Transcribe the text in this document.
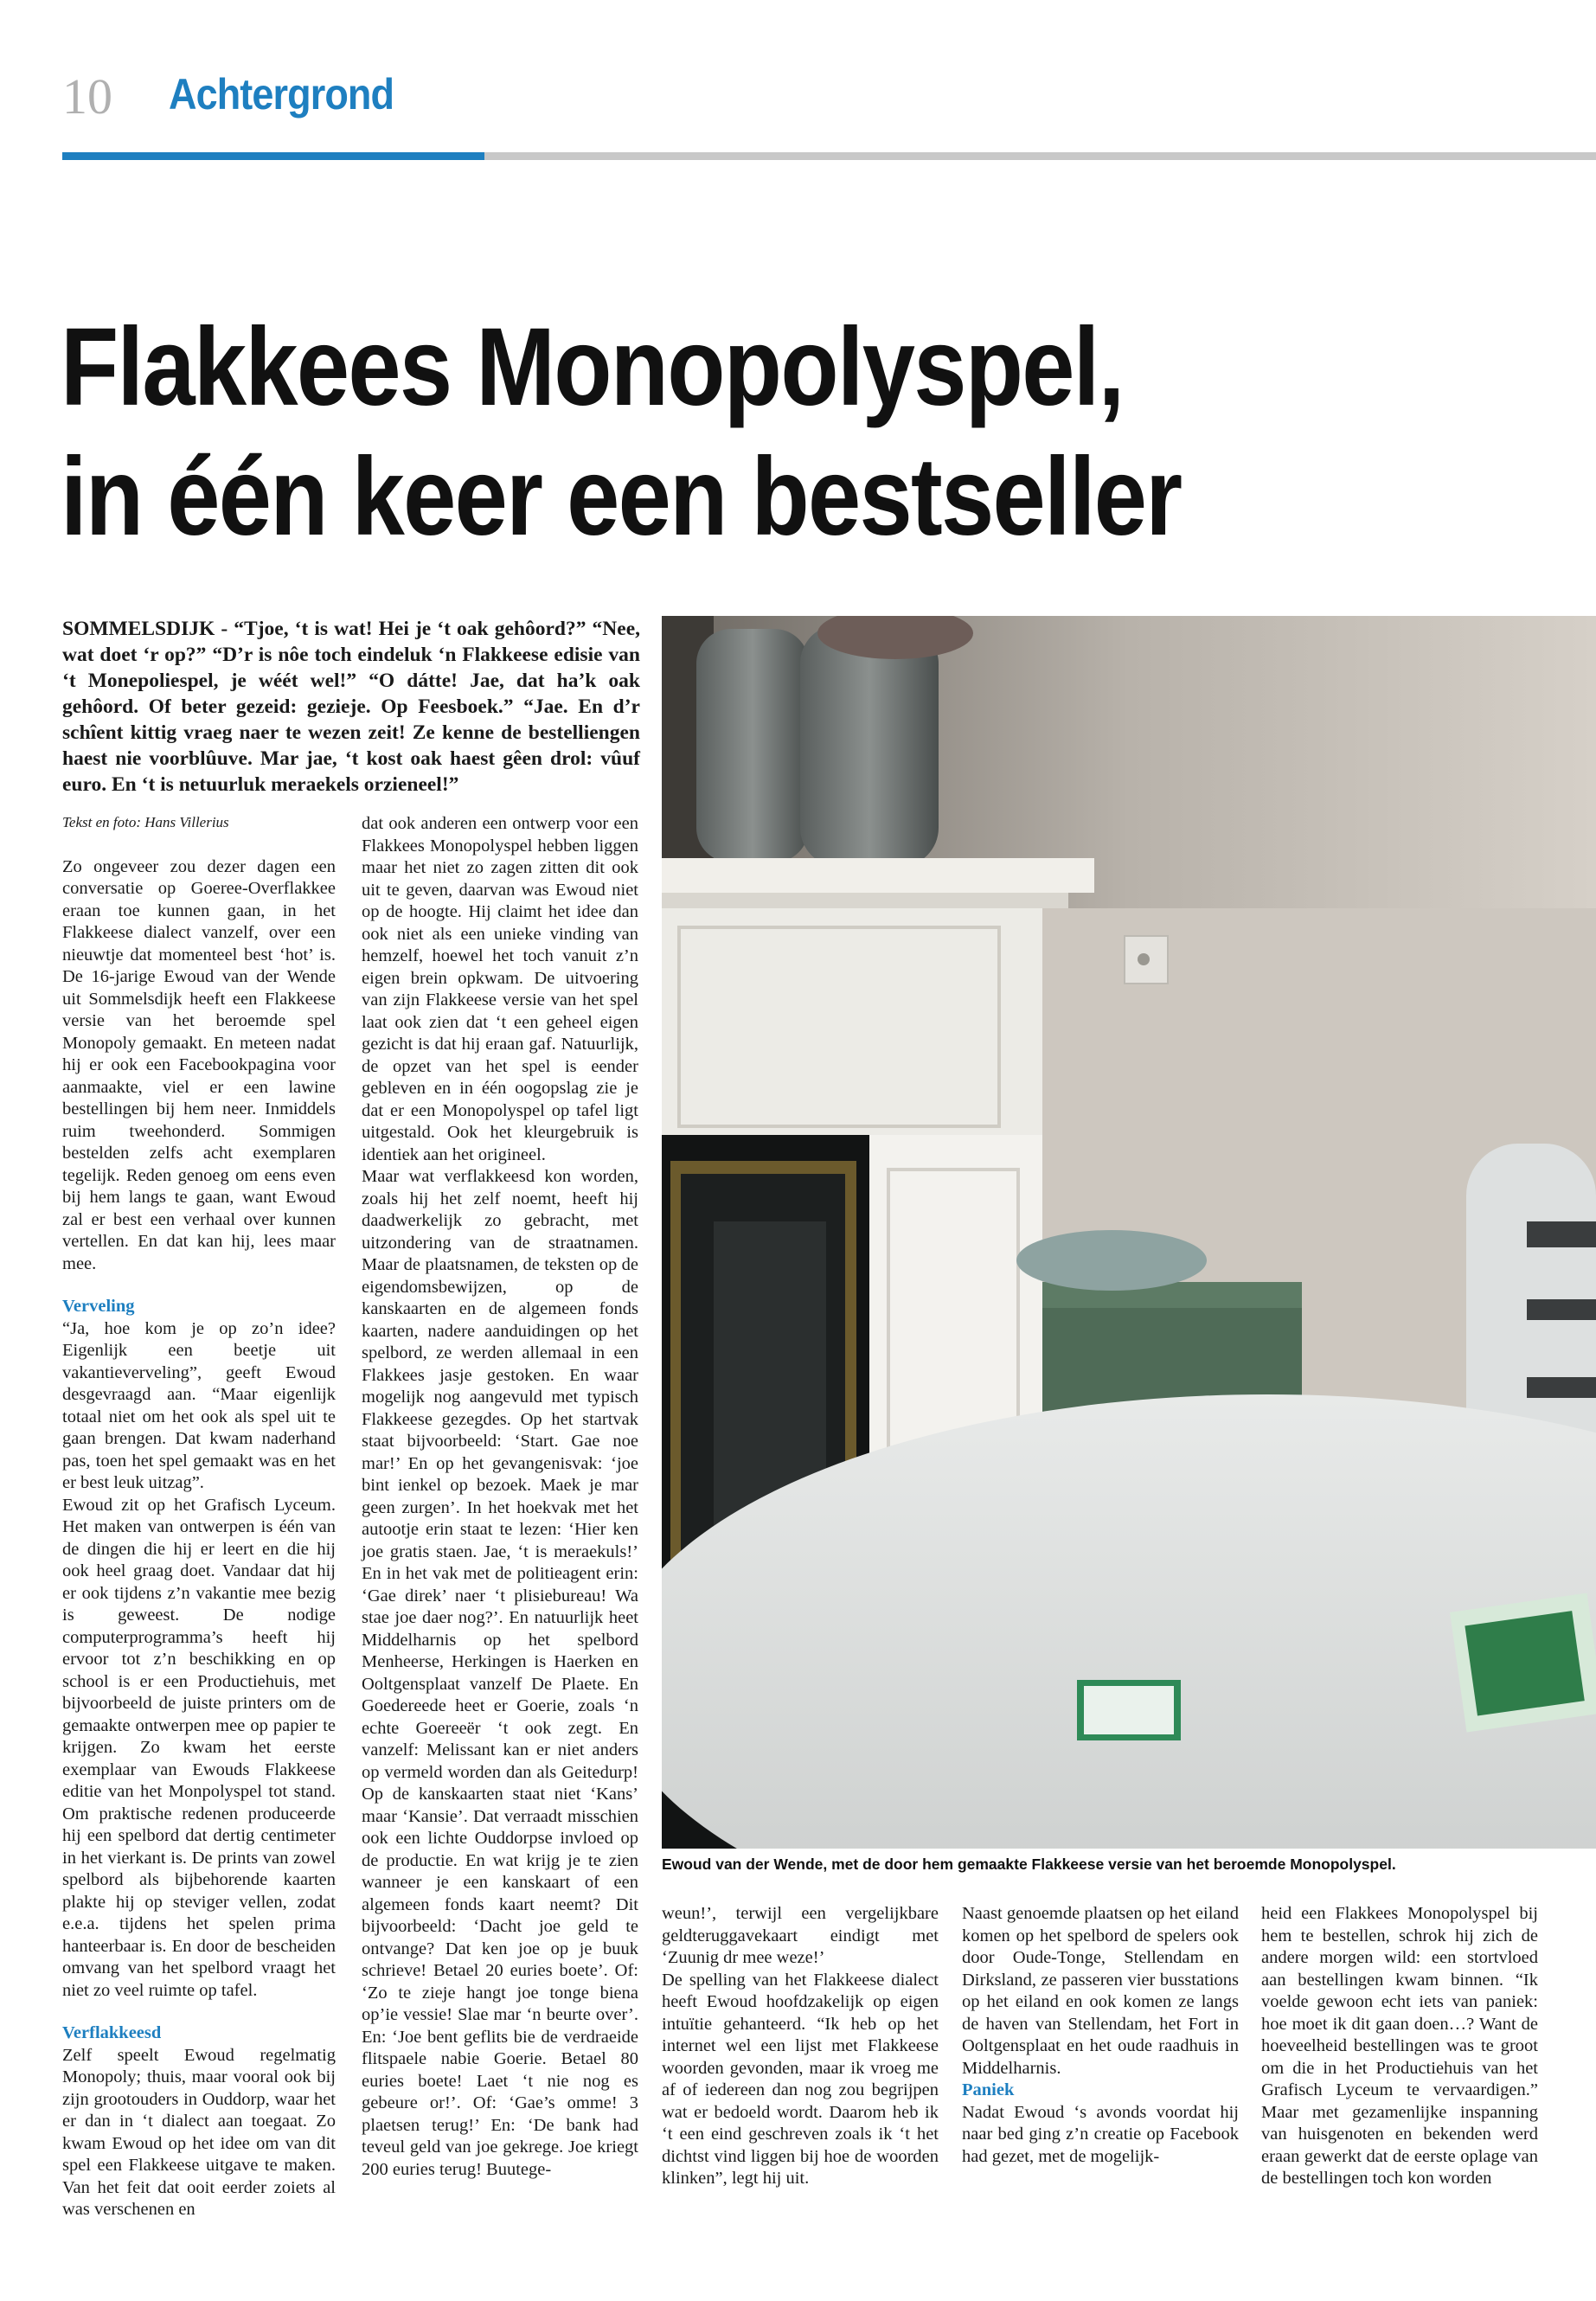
10 Achtergrond
Flakkees Monopolyspel,
in één keer een bestseller
SOMMELSDIJK - “Tjoe, ‘t is wat! Hei je ‘t oak gehôord?” “Nee, wat doet ‘r op?” “D’r is nôe toch eindeluk ‘n Flakkeese edisie van ‘t Monepoliespel, je wéét wel!” “O dátte! Jae, dat ha’k oak gehôord. Of beter gezeid: gezieje. Op Feesboek.” “Jae. En d’r schîent kittig vraeg naer te wezen zeit! Ze kenne de bestelliengen haest nie voorblûuve. Mar jae, ‘t kost oak haest gêen drol: vûuf euro. En ‘t is netuurluk meraekels orzieneel!”

Tekst en foto: Hans Villerius

Zo ongeveer zou dezer dagen een conversatie op Goeree-Overflakkee eraan toe kunnen gaan, in het Flakkeese dialect vanzelf, over een nieuwtje dat momenteel best ‘hot’ is. De 16-jarige Ewoud van der Wende uit Sommelsdijk heeft een Flakkeese versie van het beroemde spel Monopoly gemaakt. En meteen nadat hij er ook een Facebookpagina voor aanmaakte, viel er een lawine bestellingen bij hem neer. Inmiddels ruim tweehonderd. Sommigen bestelden zelfs acht exemplaren tegelijk. Reden genoeg om eens even bij hem langs te gaan, want Ewoud zal er best een verhaal over kunnen vertellen. En dat kan hij, lees maar mee.

Verveling

“Ja, hoe kom je op zo’n idee? Eigenlijk een beetje uit vakantieverveling”, geeft Ewoud desgevraagd aan. “Maar eigenlijk totaal niet om het ook als spel uit te gaan brengen. Dat kwam naderhand pas, toen het spel gemaakt was en het er best leuk uitzag”.

Ewoud zit op het Grafisch Lyceum. Het maken van ontwerpen is één van de dingen die hij er leert en die hij ook heel graag doet. Vandaar dat hij er ook tijdens z’n vakantie mee bezig is geweest. De nodige computerprogramma’s heeft hij ervoor tot z’n beschikking en op school is er een Productiehuis, met bijvoorbeeld de juiste printers om de gemaakte ontwerpen mee op papier te krijgen. Zo kwam het eerste exemplaar van Ewouds Flakkeese editie van het Monpolyspel tot stand. Om praktische redenen produceerde hij een spelbord dat dertig centimeter in het vierkant is. De prints van zowel spelbord als bijbehorende kaarten plakte hij op steviger vellen, zodat e.e.a. tijdens het spelen prima hanteerbaar is. En door de bescheiden omvang van het spelbord vraagt het niet zo veel ruimte op tafel.

Verflakkeesd

Zelf speelt Ewoud regelmatig Monopoly; thuis, maar vooral ook bij zijn grootouders in Ouddorp, waar het er dan in ‘t dialect aan toegaat. Zo kwam Ewoud op het idee om van dit spel een Flakkeese uitgave te maken. Van het feit dat ooit eerder zoiets al was verschenen en

dat ook anderen een ontwerp voor een Flakkees Monopolyspel hebben liggen maar het niet zo zagen zitten dit ook uit te geven, daarvan was Ewoud niet op de hoogte. Hij claimt het idee dan ook niet als een unieke vinding van hemzelf, hoewel het toch vanuit z’n eigen brein opkwam. De uitvoering van zijn Flakkeese versie van het spel laat ook zien dat ‘t een geheel eigen gezicht is dat hij eraan gaf. Natuurlijk, de opzet van het spel is eender gebleven en in één oogopslag zie je dat er een Monopolyspel op tafel ligt uitgestald. Ook het kleurgebruik is identiek aan het origineel.

Maar wat verflakkeesd kon worden, zoals hij het zelf noemt, heeft hij daadwerkelijk zo gebracht, met uitzondering van de straatnamen. Maar de plaatsnamen, de teksten op de eigendomsbewijzen, op de kanskaarten en de algemeen fonds kaarten, nadere aanduidingen op het spelbord, ze werden allemaal in een Flakkees jasje gestoken. En waar mogelijk nog aangevuld met typisch Flakkeese gezegdes. Op het startvak staat bijvoorbeeld: ‘Start. Gae noe mar!’ En op het gevangenisvak: ‘joe bint ienkel op bezoek. Maek je mar geen zurgen’. In het hoekvak met het autootje erin staat te lezen: ‘Hier ken joe gratis staen. Jae, ‘t is meraekuls!’ En in het vak met de politieagent erin: ‘Gae direk’ naer ‘t plisiebureau! Wa stae joe daer nog?’. En natuurlijk heet Middelharnis op het spelbord Menheerse, Herkingen is Haerken en Ooltgensplaat vanzelf De Plaete. En Goedereede heet er Goerie, zoals ‘n echte Goereeër ‘t ook zegt. En vanzelf: Melissant kan er niet anders op vermeld worden dan als Geitedurp! Op de kanskaarten staat niet ‘Kans’ maar ‘Kansie’. Dat verraadt misschien ook een lichte Ouddorpse invloed op de productie. En wat krijg je te zien wanneer je een kanskaart of een algemeen fonds kaart neemt? Dit bijvoorbeeld: ‘Dacht joe geld te ontvange? Dat ken joe op je buuk schrieve! Betael 20 euries boete’. Of: ‘Zo te zieje hangt joe tonge biena op’ie vessie! Slae mar ‘n beurte over’. En: ‘Joe bent geflits bie de verdraeide flitspaele nabie Goerie. Betael 80 euries boete! Laet ‘t nie nog es gebeure or!’. Of: ‘Gae’s omme! 3 plaetsen terug!’ En: ‘De bank had teveul geld van joe gekrege. Joe kriegt 200 euries terug! Buutege-

Ewoud van der Wende, met de door hem gemaakte Flakkeese versie van het beroemde Monopolyspel.

weun!’, terwijl een vergelijkbare geldteruggavekaart eindigt met ‘Zuunig dr mee weze!’

De spelling van het Flakkeese dialect heeft Ewoud hoofdzakelijk op eigen intuïtie gehanteerd. “Ik heb op het internet wel een lijst met Flakkeese woorden gevonden, maar ik vroeg me af of iedereen dan nog zou begrijpen wat er bedoeld wordt. Daarom heb ik ‘t een eind geschreven zoals ik ‘t het dichtst vind liggen bij hoe de woorden klinken”, legt hij uit.

Naast genoemde plaatsen op het eiland komen op het spelbord de spelers ook door Oude-Tonge, Stellendam en Dirksland, ze passeren vier busstations op het eiland en ook komen ze langs de haven van Stellendam, het Fort in Ooltgensplaat en het oude raadhuis in Middelharnis.

Paniek

Nadat Ewoud ‘s avonds voordat hij naar bed ging z’n creatie op Facebook had gezet, met de mogelijk-

heid een Flakkees Monopolyspel bij hem te bestellen, schrok hij zich de andere morgen wild: een stortvloed aan bestellingen kwam binnen. “Ik voelde gewoon echt iets van paniek: hoe moet ik dit gaan doen…? Want de hoeveelheid bestellingen was te groot om die in het Productiehuis van het Grafisch Lyceum te vervaardigen.” Maar met gezamenlijke inspanning van huisgenoten en bekenden werd eraan gewerkt dat de eerste oplage van de bestellingen toch kon worden
